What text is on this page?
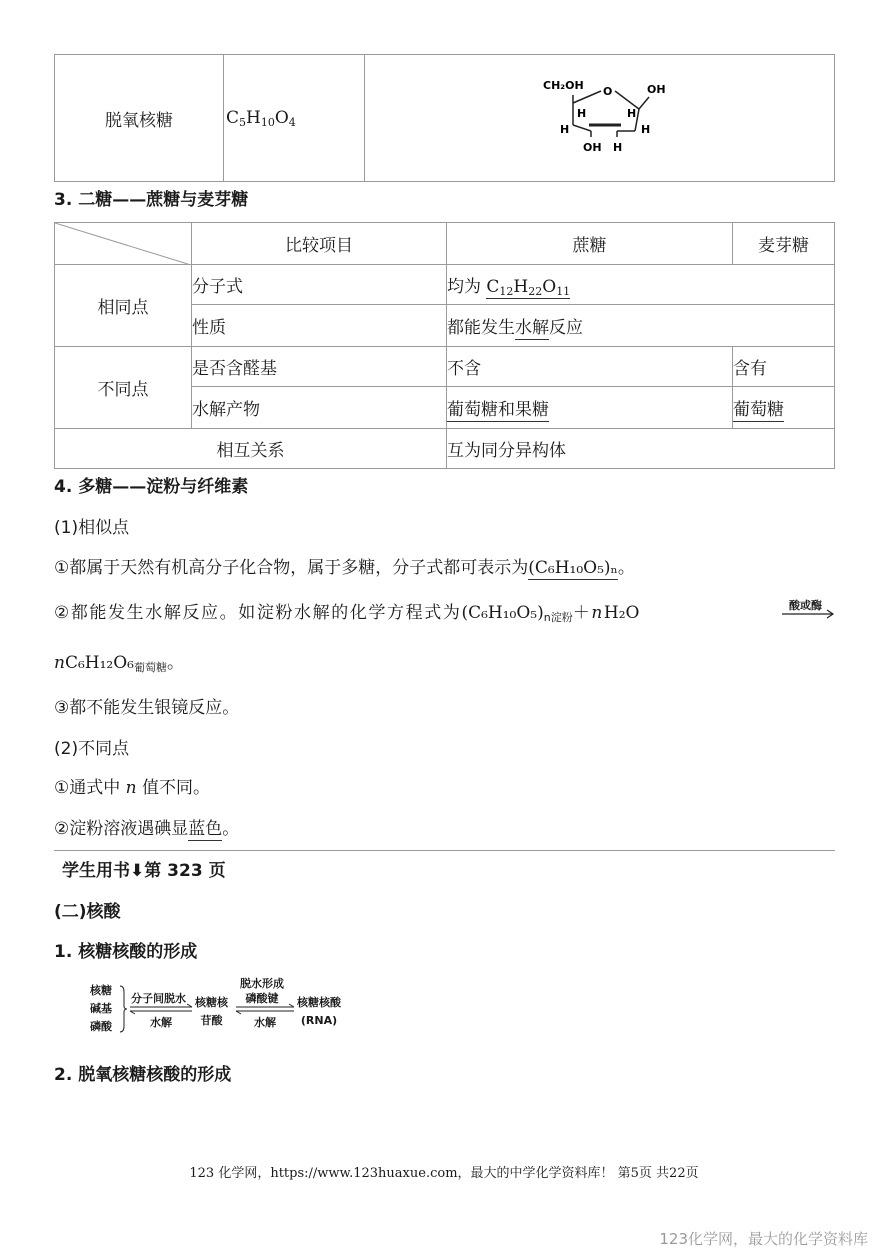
脱氧核糖	$C_5H_{10}O_4$	
CH₂OH O	OH
H	H
H	H
OH H
3. 二糖——蔗糖与麦芽糖
	比较项目	蔗糖	麦芽糖
相同点	分子式	均为 $C_{12}H_{22}O_{11}$
	性质	都能发生水解反应	
不同点	是否含醛基	不含	含有
	水解产物	葡萄糖和果糖	葡萄糖
相互关系		互为同分异构体	
4. 多糖——淀粉与纤维素
(1)相似点
①都属于天然有机高分子化合物，属于多糖，分子式都可表示为(C₆H₁₀O₅)ₙ。
②都能发生水解反应。如淀粉水解的化学方程式为$(C_6H_{10}O_5)_{n淀粉}+nH_2O$	酸或酶
$nC_6H_{12}O_6_{葡萄糖}$。
③都不能发生银镜反应。
(2)不同点
①通式中 n 值不同。
②淀粉溶液遇碘显蓝色。
学生用书⬇第 323 页
(二)核酸
1. 核糖核酸的形成
核糖
碱基
磷酸
分子间脱水
水解
核糖核
苷酸
脱水形成
磷酸键
水解
核糖核酸
(RNA)
2. 脱氧核糖核酸的形成
123 化学网，https://www.123huaxue.com，最大的中学化学资料库！ 第5页 共22页
123化学网，最大的化学资料库
